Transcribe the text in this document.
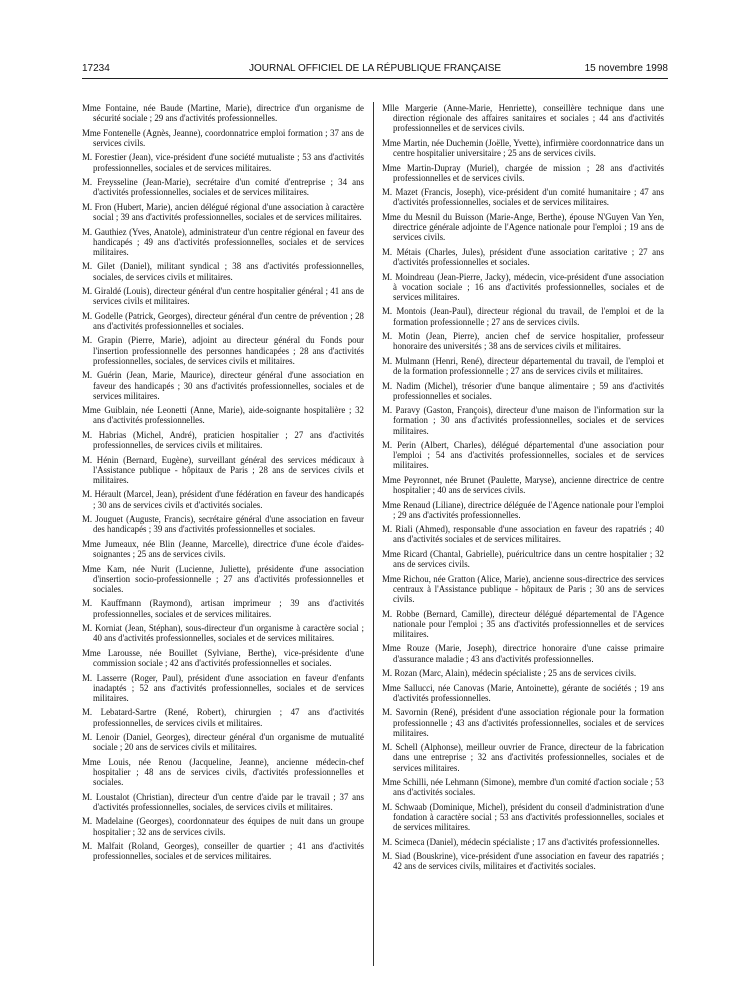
17234	JOURNAL OFFICIEL DE LA RÉPUBLIQUE FRANÇAISE	15 novembre 1998

Mme Fontaine, née Baude (Martine, Marie), directrice d'un organisme de sécurité sociale ; 29 ans d'activités professionnelles.

Mme Fontenelle (Agnès, Jeanne), coordonnatrice emploi formation ; 37 ans de services civils.

M. Forestier (Jean), vice-président d'une société mutualiste ; 53 ans d'activités professionnelles, sociales et de services militaires.

M. Freysseline (Jean-Marie), secrétaire d'un comité d'entreprise ; 34 ans d'activités professionnelles, sociales et de services militaires.

M. Fron (Hubert, Marie), ancien délégué régional d'une association à caractère social ; 39 ans d'activités professionnelles, sociales et de services militaires.

M. Gauthiez (Yves, Anatole), administrateur d'un centre régional en faveur des handicapés ; 49 ans d'activités professionnelles, sociales et de services militaires.

M. Gilet (Daniel), militant syndical ; 38 ans d'activités professionnelles, sociales, de services civils et militaires.

M. Giraldé (Louis), directeur général d'un centre hospitalier général ; 41 ans de services civils et militaires.

M. Godelle (Patrick, Georges), directeur général d'un centre de prévention ; 28 ans d'activités professionnelles et sociales.

M. Grapin (Pierre, Marie), adjoint au directeur général du Fonds pour l'insertion professionnelle des personnes handicapées ; 28 ans d'activités professionnelles, sociales, de services civils et militaires.

M. Guérin (Jean, Marie, Maurice), directeur général d'une association en faveur des handicapés ; 30 ans d'activités professionnelles, sociales et de services militaires.

Mme Guiblain, née Leonetti (Anne, Marie), aide-soignante hospitalière ; 32 ans d'activités professionnelles.

M. Habrias (Michel, André), praticien hospitalier ; 27 ans d'activités professionnelles, de services civils et militaires.

M. Hénin (Bernard, Eugène), surveillant général des services médicaux à l'Assistance publique - hôpitaux de Paris ; 28 ans de services civils et militaires.

M. Hérault (Marcel, Jean), président d'une fédération en faveur des handicapés ; 30 ans de services civils et d'activités sociales.

M. Jouguet (Auguste, Francis), secrétaire général d'une association en faveur des handicapés ; 39 ans d'activités professionnelles et sociales.

Mme Jumeaux, née Blin (Jeanne, Marcelle), directrice d'une école d'aides-soignantes ; 25 ans de services civils.

Mme Kam, née Nurit (Lucienne, Juliette), présidente d'une association d'insertion socio-professionnelle ; 27 ans d'activités professionnelles et sociales.

M. Kauffmann (Raymond), artisan imprimeur ; 39 ans d'activités professionnelles, sociales et de services militaires.

M. Korniat (Jean, Stéphan), sous-directeur d'un organisme à caractère social ; 40 ans d'activités professionnelles, sociales et de services militaires.

Mme Larousse, née Bouillet (Sylviane, Berthe), vice-présidente d'une commission sociale ; 42 ans d'activités professionnelles et sociales.

M. Lasserre (Roger, Paul), président d'une association en faveur d'enfants inadaptés ; 52 ans d'activités professionnelles, sociales et de services militaires.

M. Lebatard-Sartre (René, Robert), chirurgien ; 47 ans d'activités professionnelles, de services civils et militaires.

M. Lenoir (Daniel, Georges), directeur général d'un organisme de mutualité sociale ; 20 ans de services civils et militaires.

Mme Louis, née Renou (Jacqueline, Jeanne), ancienne médecin-chef hospitalier ; 48 ans de services civils, d'activités professionnelles et sociales.

M. Loustalot (Christian), directeur d'un centre d'aide par le travail ; 37 ans d'activités professionnelles, sociales, de services civils et militaires.

M. Madelaine (Georges), coordonnateur des équipes de nuit dans un groupe hospitalier ; 32 ans de services civils.

M. Malfait (Roland, Georges), conseiller de quartier ; 41 ans d'activités professionnelles, sociales et de services militaires.

Mlle Margerie (Anne-Marie, Henriette), conseillère technique dans une direction régionale des affaires sanitaires et sociales ; 44 ans d'activités professionnelles et de services civils.

Mme Martin, née Duchemin (Joëlle, Yvette), infirmière coordonnatrice dans un centre hospitalier universitaire ; 25 ans de services civils.

Mme Martin-Dupray (Muriel), chargée de mission ; 28 ans d'activités professionnelles et de services civils.

M. Mazet (Francis, Joseph), vice-président d'un comité humanitaire ; 47 ans d'activités professionnelles, sociales et de services militaires.

Mme du Mesnil du Buisson (Marie-Ange, Berthe), épouse N'Guyen Van Yen, directrice générale adjointe de l'Agence nationale pour l'emploi ; 19 ans de services civils.

M. Métais (Charles, Jules), président d'une association caritative ; 27 ans d'activités professionnelles et sociales.

M. Moindreau (Jean-Pierre, Jacky), médecin, vice-président d'une association à vocation sociale ; 16 ans d'activités professionnelles, sociales et de services militaires.

M. Montois (Jean-Paul), directeur régional du travail, de l'emploi et de la formation professionnelle ; 27 ans de services civils.

M. Motin (Jean, Pierre), ancien chef de service hospitalier, professeur honoraire des universités ; 38 ans de services civils et militaires.

M. Mulmann (Henri, René), directeur départemental du travail, de l'emploi et de la formation professionnelle ; 27 ans de services civils et militaires.

M. Nadim (Michel), trésorier d'une banque alimentaire ; 59 ans d'activités professionnelles et sociales.

M. Paravy (Gaston, François), directeur d'une maison de l'information sur la formation ; 30 ans d'activités professionnelles, sociales et de services militaires.

M. Perin (Albert, Charles), délégué départemental d'une association pour l'emploi ; 54 ans d'activités professionnelles, sociales et de services militaires.

Mme Peyronnet, née Brunet (Paulette, Maryse), ancienne directrice de centre hospitalier ; 40 ans de services civils.

Mme Renaud (Liliane), directrice déléguée de l'Agence nationale pour l'emploi ; 29 ans d'activités professionnelles.

M. Riali (Ahmed), responsable d'une association en faveur des rapatriés ; 40 ans d'activités sociales et de services militaires.

Mme Ricard (Chantal, Gabrielle), puéricultrice dans un centre hospitalier ; 32 ans de services civils.

Mme Richou, née Gratton (Alice, Marie), ancienne sous-directrice des services centraux à l'Assistance publique - hôpitaux de Paris ; 30 ans de services civils.

M. Robbe (Bernard, Camille), directeur délégué départemental de l'Agence nationale pour l'emploi ; 35 ans d'activités professionnelles et de services militaires.

Mme Rouze (Marie, Joseph), directrice honoraire d'une caisse primaire d'assurance maladie ; 43 ans d'activités professionnelles.

M. Rozan (Marc, Alain), médecin spécialiste ; 25 ans de services civils.

Mme Sallucci, née Canovas (Marie, Antoinette), gérante de sociétés ; 19 ans d'activités professionnelles.

M. Savornin (René), président d'une association régionale pour la formation professionnelle ; 43 ans d'activités professionnelles, sociales et de services militaires.

M. Schell (Alphonse), meilleur ouvrier de France, directeur de la fabrication dans une entreprise ; 32 ans d'activités professionnelles, sociales et de services militaires.

Mme Schilli, née Lehmann (Simone), membre d'un comité d'action sociale ; 53 ans d'activités sociales.

M. Schwaab (Dominique, Michel), président du conseil d'administration d'une fondation à caractère social ; 53 ans d'activités professionnelles, sociales et de services militaires.

M. Scimeca (Daniel), médecin spécialiste ; 17 ans d'activités professionnelles.

M. Siad (Bouskrine), vice-président d'une association en faveur des rapatriés ; 42 ans de services civils, militaires et d'activités sociales.
